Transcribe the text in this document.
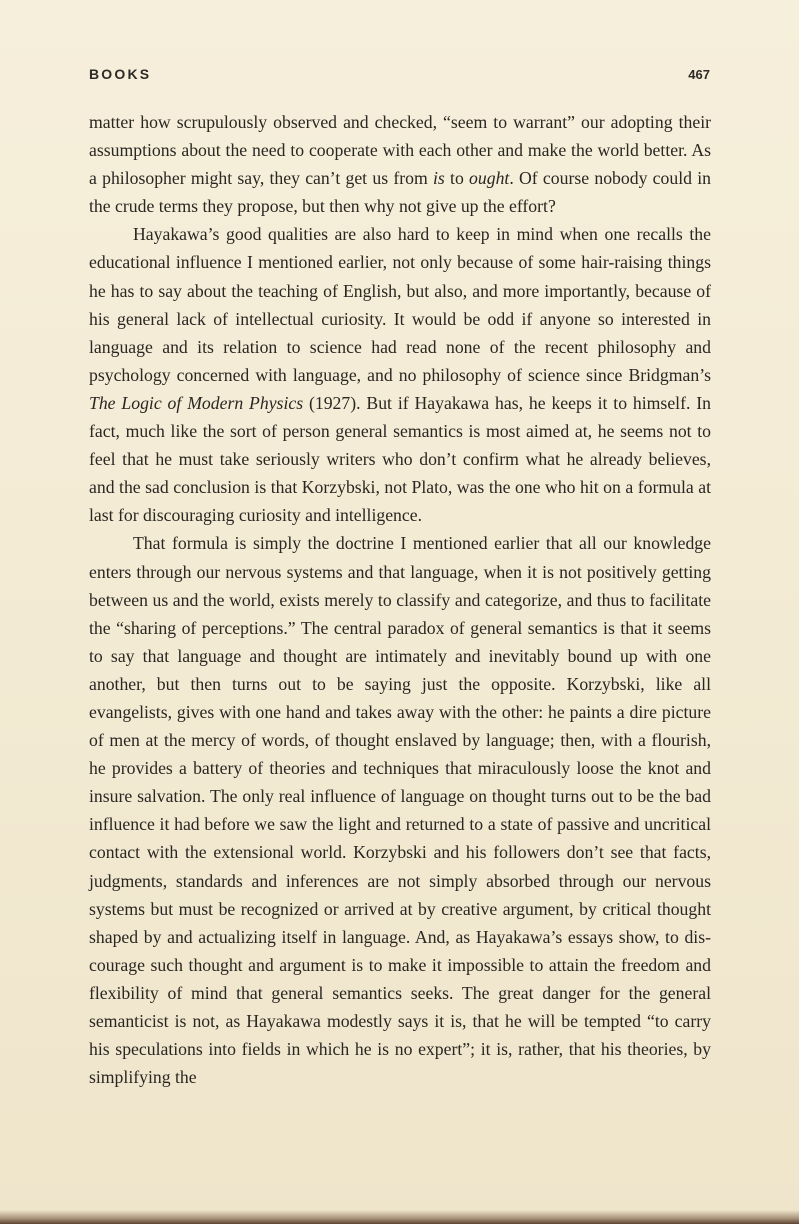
BOOKS	467

matter how scrupulously observed and checked, “seem to warrant” our adopting their assumptions about the need to cooperate with each other and make the world better. As a philosopher might say, they can’t get us from is to ought. Of course nobody could in the crude terms they propose, but then why not give up the effort?

Hayakawa’s good qualities are also hard to keep in mind when one recalls the educational influence I mentioned earlier, not only because of some hair-raising things he has to say about the teaching of English, but also, and more importantly, because of his general lack of intellectual curiosity. It would be odd if anyone so interested in language and its relation to science had read none of the recent philosophy and psychology concerned with language, and no philosophy of science since Bridgman’s The Logic of Modern Physics (1927). But if Hayakawa has, he keeps it to himself. In fact, much like the sort of person general semantics is most aimed at, he seems not to feel that he must take seriously writers who don’t confirm what he already believes, and the sad conclusion is that Korzybski, not Plato, was the one who hit on a formula at last for discouraging curiosity and intelligence.

That formula is simply the doctrine I mentioned earlier that all our knowledge enters through our nervous systems and that language, when it is not positively getting between us and the world, exists merely to classify and categorize, and thus to facilitate the “sharing of perceptions.” The central paradox of general semantics is that it seems to say that language and thought are intimately and inevitably bound up with one another, but then turns out to be saying just the opposite. Korzybski, like all evangelists, gives with one hand and takes away with the other: he paints a dire picture of men at the mercy of words, of thought enslaved by language; then, with a flourish, he provides a battery of theories and techniques that miraculously loose the knot and insure salvation. The only real influence of language on thought turns out to be the bad influence it had before we saw the light and returned to a state of passive and uncritical contact with the extensional world. Korzybski and his followers don’t see that facts, judgments, standards and inferences are not simply absorbed through our nervous systems but must be recognized or arrived at by creative argument, by critical thought shaped by and actualizing itself in language. And, as Hayakawa’s essays show, to discourage such thought and argument is to make it impossible to attain the freedom and flexibility of mind that general semantics seeks. The great danger for the general semanticist is not, as Hayakawa modestly says it is, that he will be tempted “to carry his speculations into fields in which he is no expert”; it is, rather, that his theories, by simplifying the
